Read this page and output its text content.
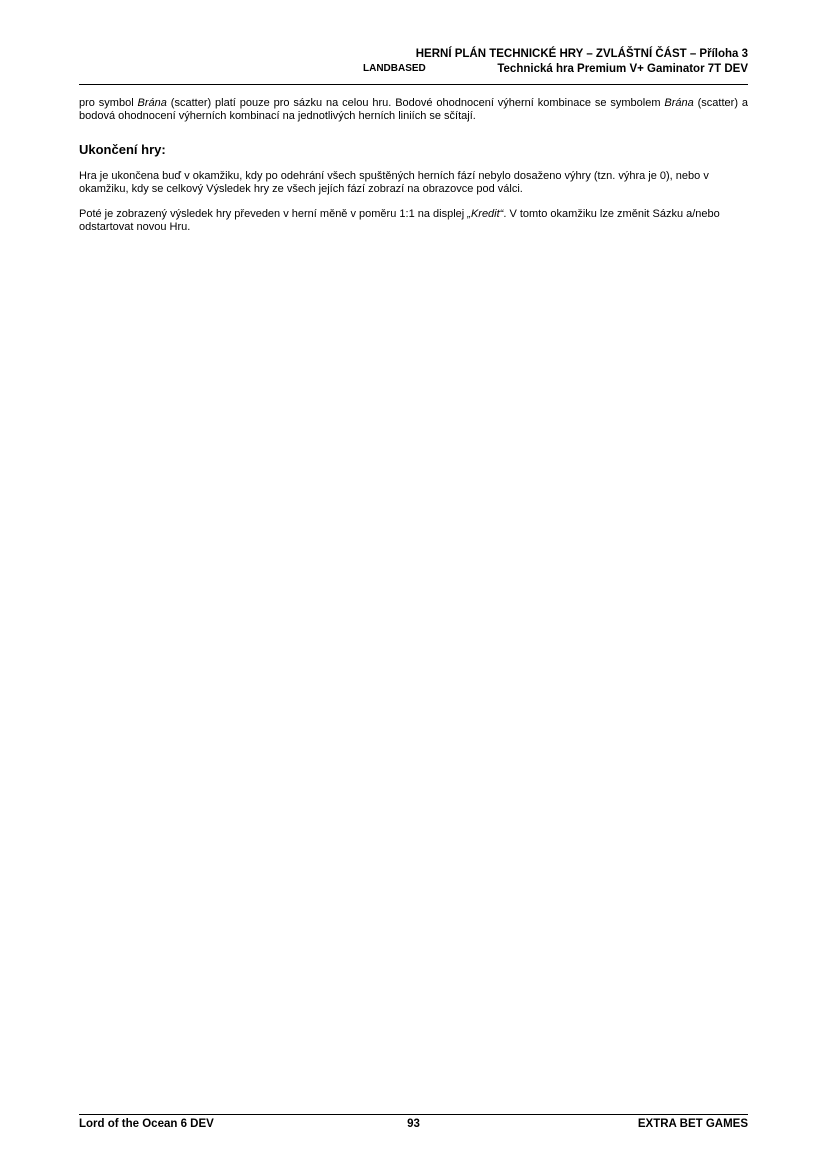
HERNÍ PLÁN TECHNICKÉ HRY – ZVLÁŠTNÍ ČÁST – Příloha 3
LANDBASED	Technická hra Premium V+ Gaminator 7T DEV

pro symbol Brána (scatter) platí pouze pro sázku na celou hru. Bodové ohodnocení výherní kombinace se symbolem Brána (scatter) a bodová ohodnocení výherních kombinací na jednotlivých herních liniích se sčítají.

Ukončení hry:

Hra je ukončena buď v okamžiku, kdy po odehrání všech spuštěných herních fází nebylo dosaženo výhry (tzn. výhra je 0), nebo v okamžiku, kdy se celkový Výsledek hry ze všech jejích fází zobrazí na obrazovce pod válci.

Poté je zobrazený výsledek hry převeden v herní měně v poměru 1:1 na displej „Kredit“. V tomto okamžiku lze změnit Sázku a/nebo odstartovat novou Hru.

Lord of the Ocean 6 DEV	93	EXTRA BET GAMES
